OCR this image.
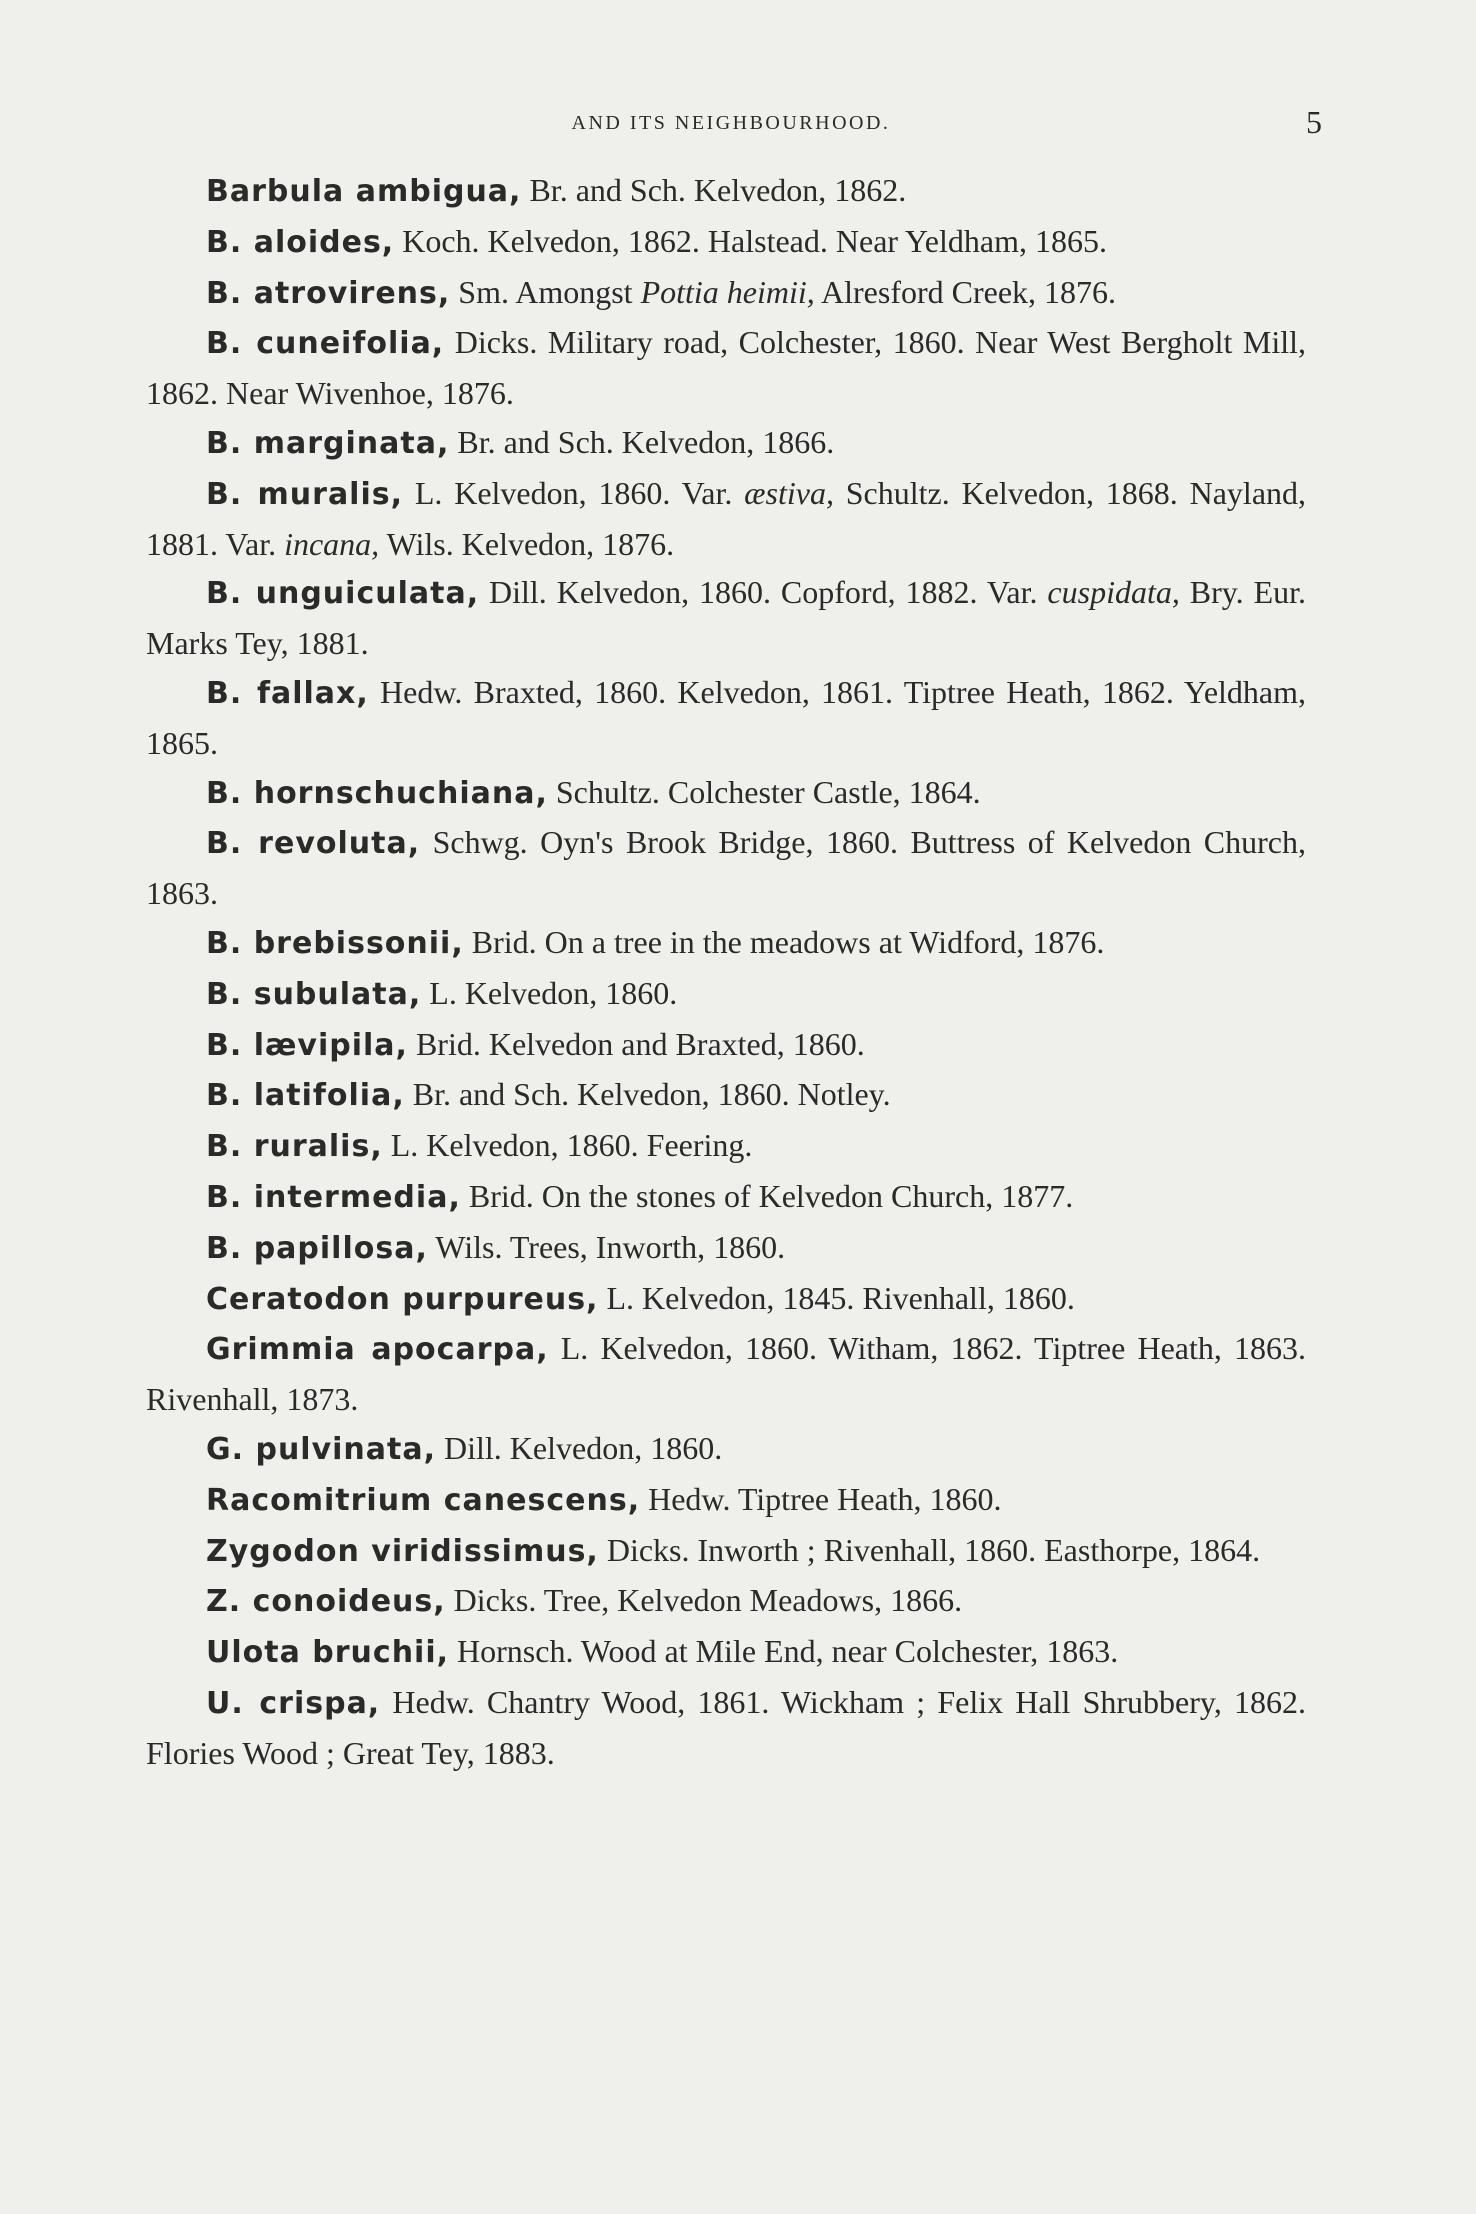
AND ITS NEIGHBOURHOOD.	5

Barbula ambigua, Br. and Sch. Kelvedon, 1862.

B. aloides, Koch. Kelvedon, 1862. Halstead. Near Yeldham, 1865.

B. atrovirens, Sm. Amongst Pottia heimii, Alresford Creek, 1876.

B. cuneifolia, Dicks. Military road, Colchester, 1860. Near West Bergholt Mill, 1862. Near Wivenhoe, 1876.

B. marginata, Br. and Sch. Kelvedon, 1866.

B. muralis, L. Kelvedon, 1860. Var. æstiva, Schultz. Kelvedon, 1868. Nayland, 1881. Var. incana, Wils. Kelvedon, 1876.

B. unguiculata, Dill. Kelvedon, 1860. Copford, 1882. Var. cuspidata, Bry. Eur. Marks Tey, 1881.

B. fallax, Hedw. Braxted, 1860. Kelvedon, 1861. Tiptree Heath, 1862. Yeldham, 1865.

B. hornschuchiana, Schultz. Colchester Castle, 1864.

B. revoluta, Schwg. Oyn's Brook Bridge, 1860. Buttress of Kelvedon Church, 1863.

B. brebissonii, Brid. On a tree in the meadows at Widford, 1876.

B. subulata, L. Kelvedon, 1860.

B. lævipila, Brid. Kelvedon and Braxted, 1860.

B. latifolia, Br. and Sch. Kelvedon, 1860. Notley.

B. ruralis, L. Kelvedon, 1860. Feering.

B. intermedia, Brid. On the stones of Kelvedon Church, 1877.

B. papillosa, Wils. Trees, Inworth, 1860.

Ceratodon purpureus, L. Kelvedon, 1845. Rivenhall, 1860.

Grimmia apocarpa, L. Kelvedon, 1860. Witham, 1862. Tiptree Heath, 1863. Rivenhall, 1873.

G. pulvinata, Dill. Kelvedon, 1860.

Racomitrium canescens, Hedw. Tiptree Heath, 1860.

Zygodon viridissimus, Dicks. Inworth ; Rivenhall, 1860. Easthorpe, 1864.

Z. conoideus, Dicks. Tree, Kelvedon Meadows, 1866.

Ulota bruchii, Hornsch. Wood at Mile End, near Colchester, 1863.

U. crispa, Hedw. Chantry Wood, 1861. Wickham ; Felix Hall Shrubbery, 1862. Flories Wood ; Great Tey, 1883.
